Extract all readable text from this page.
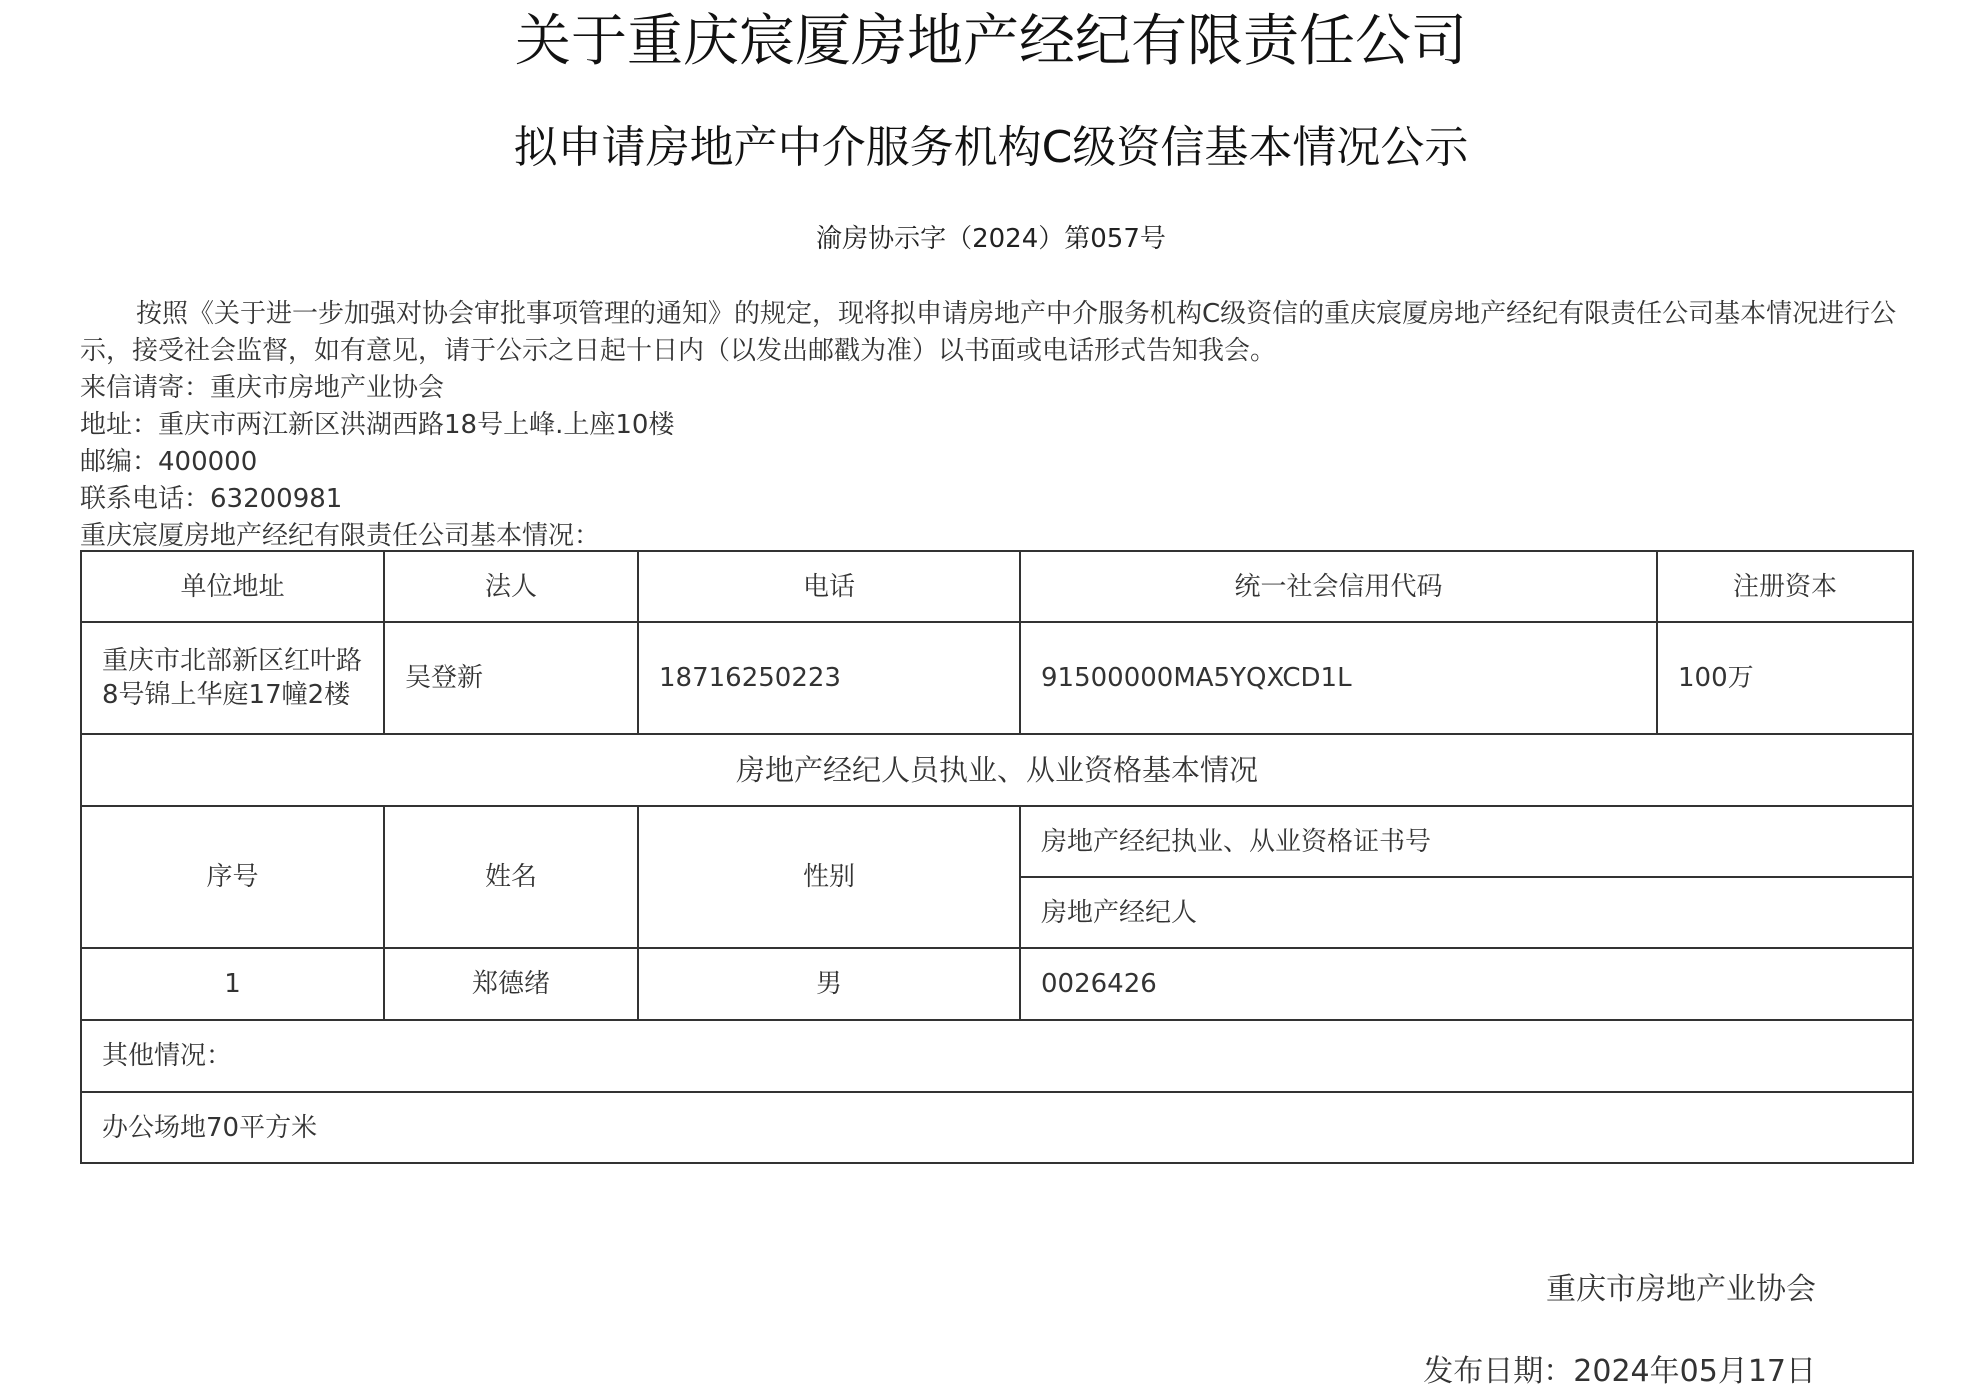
关于重庆宸厦房地产经纪有限责任公司
拟申请房地产中介服务机构C级资信基本情况公示
渝房协示字（2024）第057号

按照《关于进一步加强对协会审批事项管理的通知》的规定，现将拟申请房地产中介服务机构C级资信的重庆宸厦房地产经纪有限责任公司基本情况进行公示，接受社会监督，如有意见，请于公示之日起十日内（以发出邮戳为准）以书面或电话形式告知我会。

来信请寄：重庆市房地产业协会

地址：重庆市两江新区洪湖西路18号上峰.上座10楼

邮编：400000

联系电话：63200981

重庆宸厦房地产经纪有限责任公司基本情况：

单位地址	法人	电话	统一社会信用代码	注册资本
重庆市北部新区红叶路8号锦上华庭17幢2楼	吴登新	18716250223	91500000MA5YQXCD1L	100万
房地产经纪人员执业、从业资格基本情况				
序号	姓名	性别	房地产经纪执业、从业资格证书号	
			房地产经纪人	
1	郑德绪	男	0026426	
其他情况：				
办公场地70平方米				
重庆市房地产业协会
发布日期：2024年05月17日
